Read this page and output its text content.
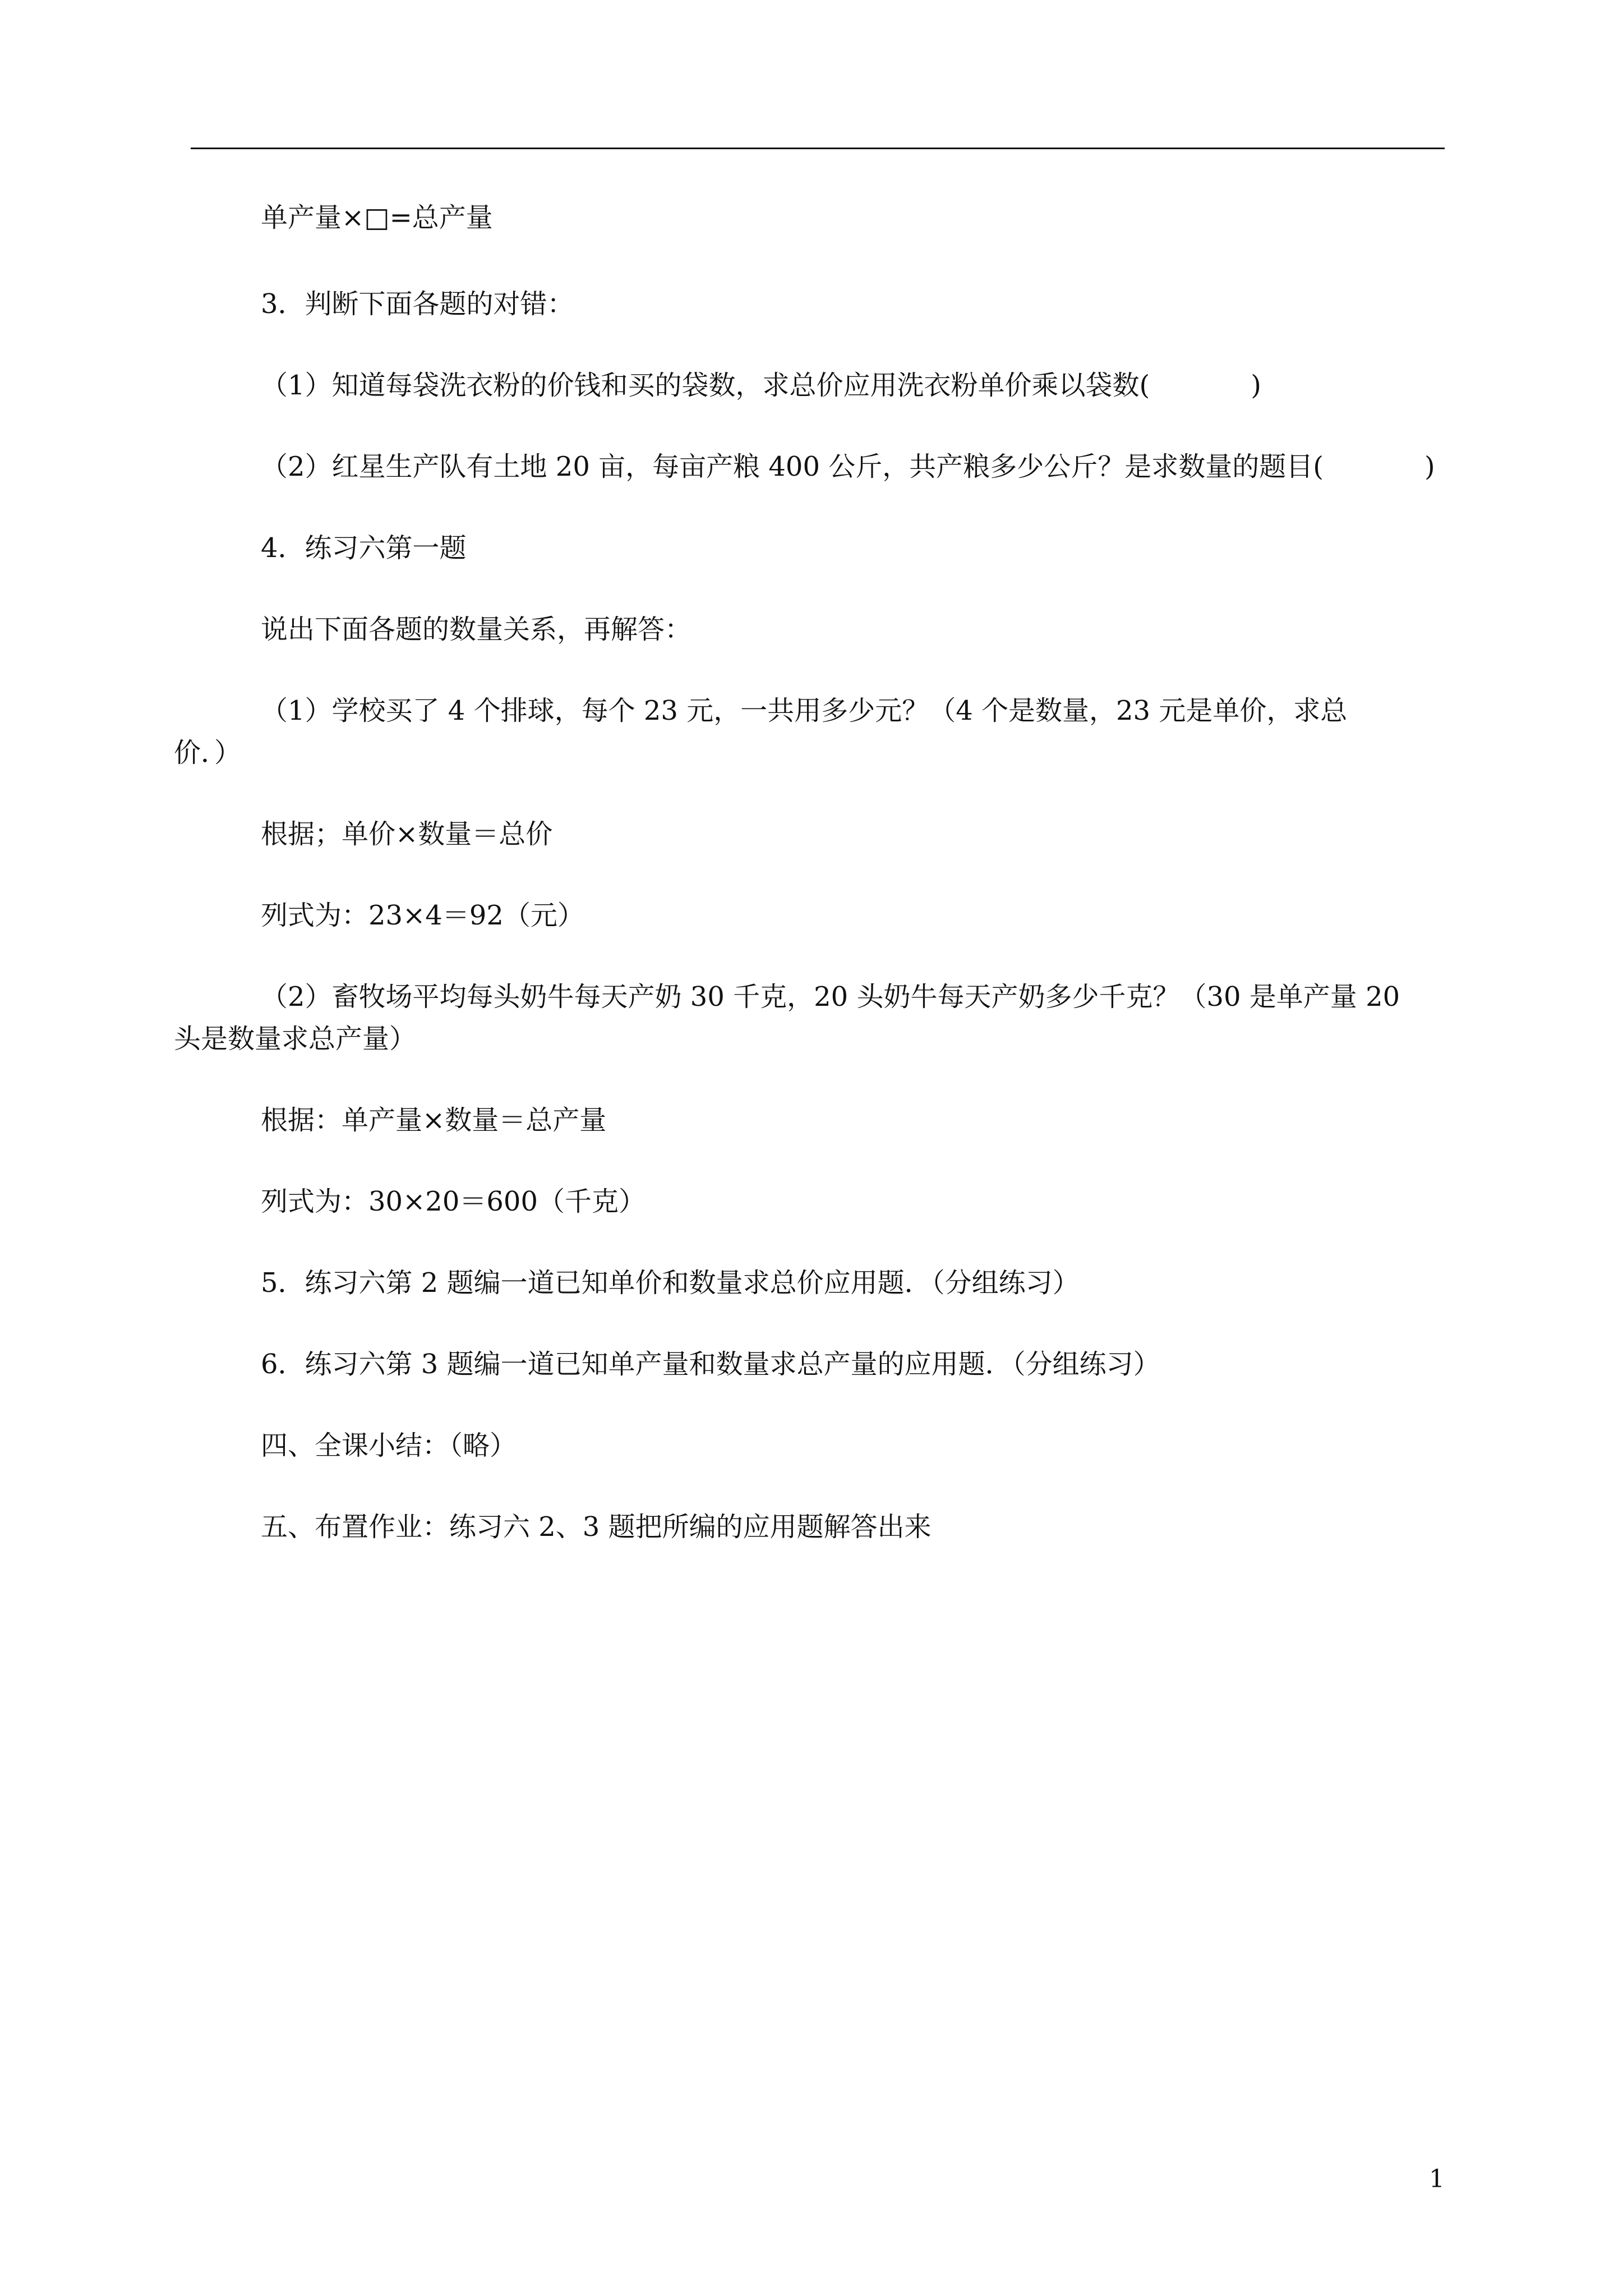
单产量×□=总产量
3．判断下面各题的对错：
（1）知道每袋洗衣粉的价钱和买的袋数，求总价应用洗衣粉单价乘以袋数(	)
（2）红星生产队有土地 20 亩，每亩产粮 400 公斤，共产粮多少公斤？是求数量的题目(	)
4．练习六第一题
说出下面各题的数量关系，再解答：
（1）学校买了 4 个排球，每个 23 元，一共用多少元？（4 个是数量，23 元是单价，求总
价．）
根据；单价×数量＝总价
列式为：23×4＝92（元）
（2）畜牧场平均每头奶牛每天产奶 30 千克，20 头奶牛每天产奶多少千克？（30 是单产量 20
头是数量求总产量）
根据：单产量×数量＝总产量
列式为：30×20＝600（千克）
5．练习六第 2 题编一道已知单价和数量求总价应用题．（分组练习）
6．练习六第 3 题编一道已知单产量和数量求总产量的应用题．（分组练习）
四、全课小结：（略）
五、布置作业：练习六 2、3 题把所编的应用题解答出来
1
